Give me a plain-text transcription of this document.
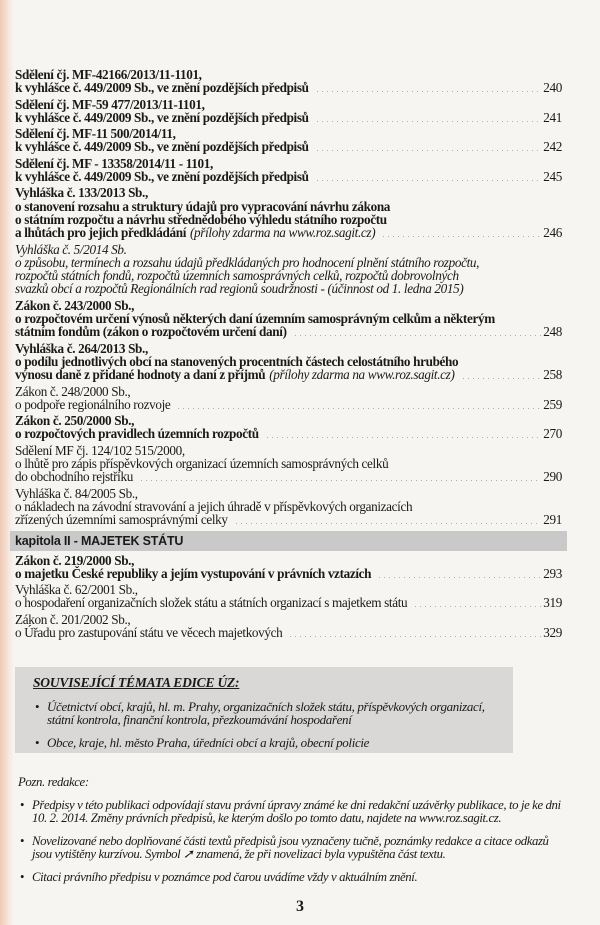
Sdělení čj. MF-42166/2013/11-1101,
k vyhlášce č. 449/2009 Sb., ve znění pozdějších předpisů	240
Sdělení čj. MF-59 477/2013/11-1101,
k vyhlášce č. 449/2009 Sb., ve znění pozdějších předpisů	241
Sdělení čj. MF-11 500/2014/11,
k vyhlášce č. 449/2009 Sb., ve znění pozdějších předpisů	242
Sdělení čj. MF - 13358/2014/11 - 1101,
k vyhlášce č. 449/2009 Sb., ve znění pozdějších předpisů	245
Vyhláška č. 133/2013 Sb.,
o stanovení rozsahu a struktury údajů pro vypracování návrhu zákona
o státním rozpočtu a návrhu střednědobého výhledu státního rozpočtu
a lhůtách pro jejich předkládání (přílohy zdarma na www.roz.sagit.cz)	246
Vyhláška č. 5/2014 Sb.
o způsobu, termínech a rozsahu údajů předkládaných pro hodnocení plnění státního rozpočtu,
rozpočtů státních fondů, rozpočtů územních samosprávných celků, rozpočtů dobrovolných
svazků obcí a rozpočtů Regionálních rad regionů soudržnosti - (účinnost od 1. ledna 2015)
Zákon č. 243/2000 Sb.,
o rozpočtovém určení výnosů některých daní územním samosprávným celkům a některým
státním fondům (zákon o rozpočtovém určení daní)	248
Vyhláška č. 264/2013 Sb.,
o podílu jednotlivých obcí na stanovených procentních částech celostátního hrubého
výnosu daně z přidané hodnoty a daní z příjmů (přílohy zdarma na www.roz.sagit.cz)	258
Zákon č. 248/2000 Sb.,
o podpoře regionálního rozvoje	259
Zákon č. 250/2000 Sb.,
o rozpočtových pravidlech územních rozpočtů	270
Sdělení MF čj. 124/102 515/2000,
o lhůtě pro zápis příspěvkových organizací územních samosprávných celků
do obchodního rejstříku	290
Vyhláška č. 84/2005 Sb.,
o nákladech na závodní stravování a jejich úhradě v příspěvkových organizacích
zřízených územními samosprávnými celky	291
kapitola II - MAJETEK STÁTU
Zákon č. 219/2000 Sb.,
o majetku České republiky a jejím vystupování v právních vztazích	293
Vyhláška č. 62/2001 Sb.,
o hospodaření organizačních složek státu a státních organizací s majetkem státu	319
Zákon č. 201/2002 Sb.,
o Úřadu pro zastupování státu ve věcech majetkových	329
SOUVISEJÍCÍ TÉMATA EDICE ÚZ:
• Účetnictví obcí, krajů, hl. m. Prahy, organizačních složek státu, příspěvkových organizací, státní kontrola, finanční kontrola, přezkoumávání hospodaření
• Obce, kraje, hl. město Praha, úředníci obcí a krajů, obecní policie
Pozn. redakce:
• Předpisy v této publikaci odpovídají stavu právní úpravy známé ke dni redakční uzávěrky publikace, to je ke dni 10. 2. 2014. Změny právních předpisů, ke kterým došlo po tomto datu, najdete na www.roz.sagit.cz.
• Novelizované nebo doplňované části textů předpisů jsou vyznačeny tučně, poznámky redakce a citace odkazů jsou vytištěny kurzívou. Symbol ➚ znamená, že při novelizaci byla vypuštěna část textu.
• Citaci právního předpisu v poznámce pod čarou uvádíme vždy v aktuálním znění.
3
